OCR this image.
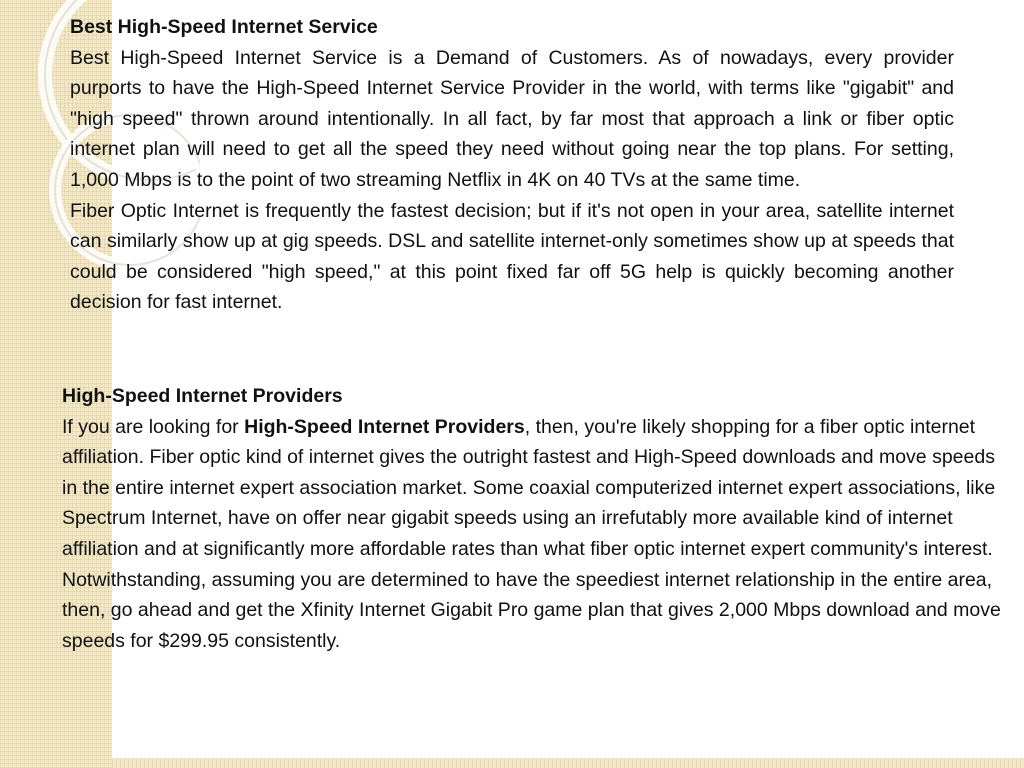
Best High-Speed Internet Service

Best High-Speed Internet Service is a Demand of Customers. As of nowadays, every provider purports to have the High-Speed Internet Service Provider in the world, with terms like "gigabit" and "high speed" thrown around intentionally. In all fact, by far most that approach a link or fiber optic internet plan will need to get all the speed they need without going near the top plans. For setting, 1,000 Mbps is to the point of two streaming Netflix in 4K on 40 TVs at the same time.

Fiber Optic Internet is frequently the fastest decision; but if it's not open in your area, satellite internet can similarly show up at gig speeds. DSL and satellite internet-only sometimes show up at speeds that could be considered "high speed," at this point fixed far off 5G help is quickly becoming another decision for fast internet.

High-Speed Internet Providers

If you are looking for High-Speed Internet Providers, then, you're likely shopping for a fiber optic internet affiliation. Fiber optic kind of internet gives the outright fastest and High-Speed downloads and move speeds in the entire internet expert association market. Some coaxial computerized internet expert associations, like Spectrum Internet, have on offer near gigabit speeds using an irrefutably more available kind of internet affiliation and at significantly more affordable rates than what fiber optic internet expert community's interest.

Notwithstanding, assuming you are determined to have the speediest internet relationship in the entire area, then, go ahead and get the Xfinity Internet Gigabit Pro game plan that gives 2,000 Mbps download and move speeds for $299.95 consistently.
